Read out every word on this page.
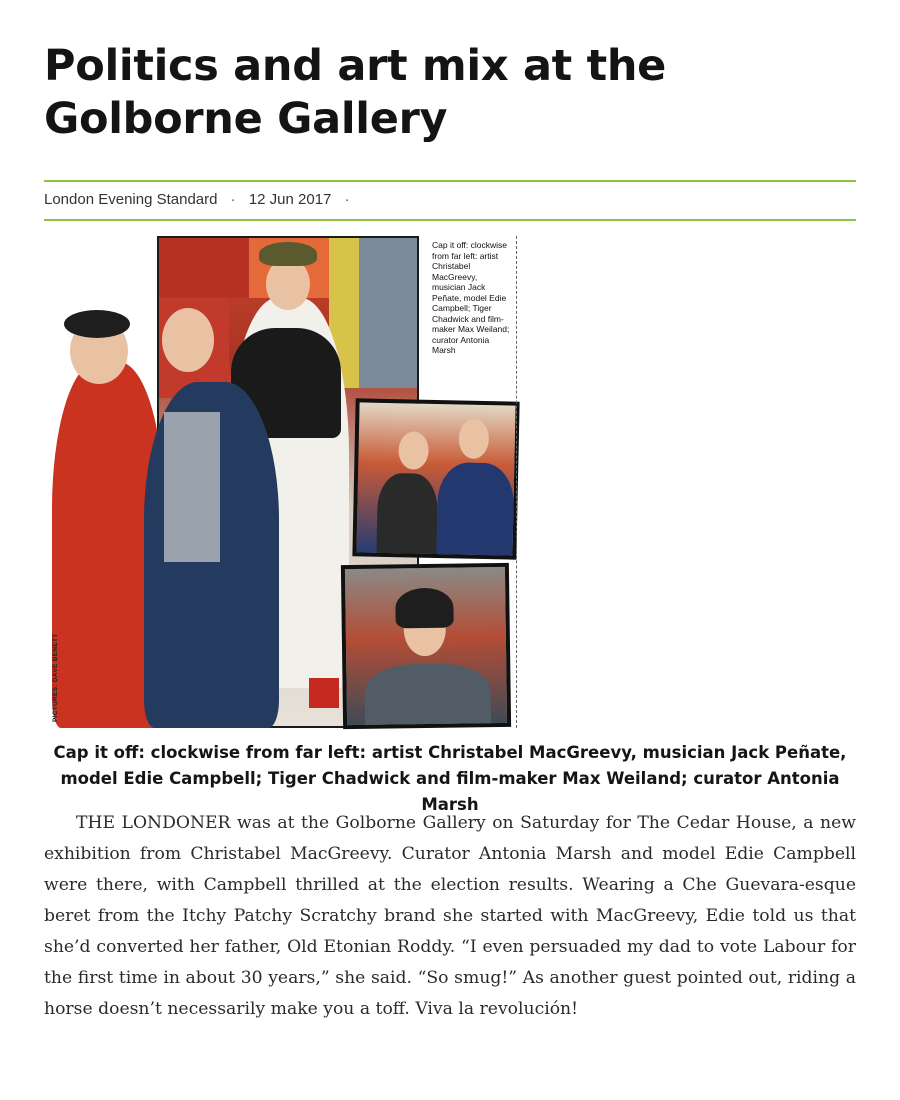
Politics and art mix at the Golborne Gallery
London Evening Standard · 12 Jun 2017 ·
Cap it off: clockwise from far left: artist Christabel MacGreevy, musician Jack Peñate, model Edie Campbell; Tiger Chadwick and film-maker Max Weiland; curator Antonia Marsh
PICTURES: DAVE BENETT

Cap it off: clockwise from far left: artist Christabel MacGreevy, musician Jack Peñate, model Edie Campbell; Tiger Chadwick and film-maker Max Weiland; curator Antonia Marsh

THE LONDONER was at the Golborne Gallery on Saturday for The Cedar House, a new exhibition from Christabel MacGreevy. Curator Antonia Marsh and model Edie Campbell were there, with Campbell thrilled at the election results. Wearing a Che Guevara-esque beret from the Itchy Patchy Scratchy brand she started with MacGreevy, Edie told us that she’d converted her father, Old Etonian Roddy. “I even persuaded my dad to vote Labour for the first time in about 30 years,” she said. “So smug!” As another guest pointed out, riding a horse doesn’t necessarily make you a toff. Viva la revolución!
